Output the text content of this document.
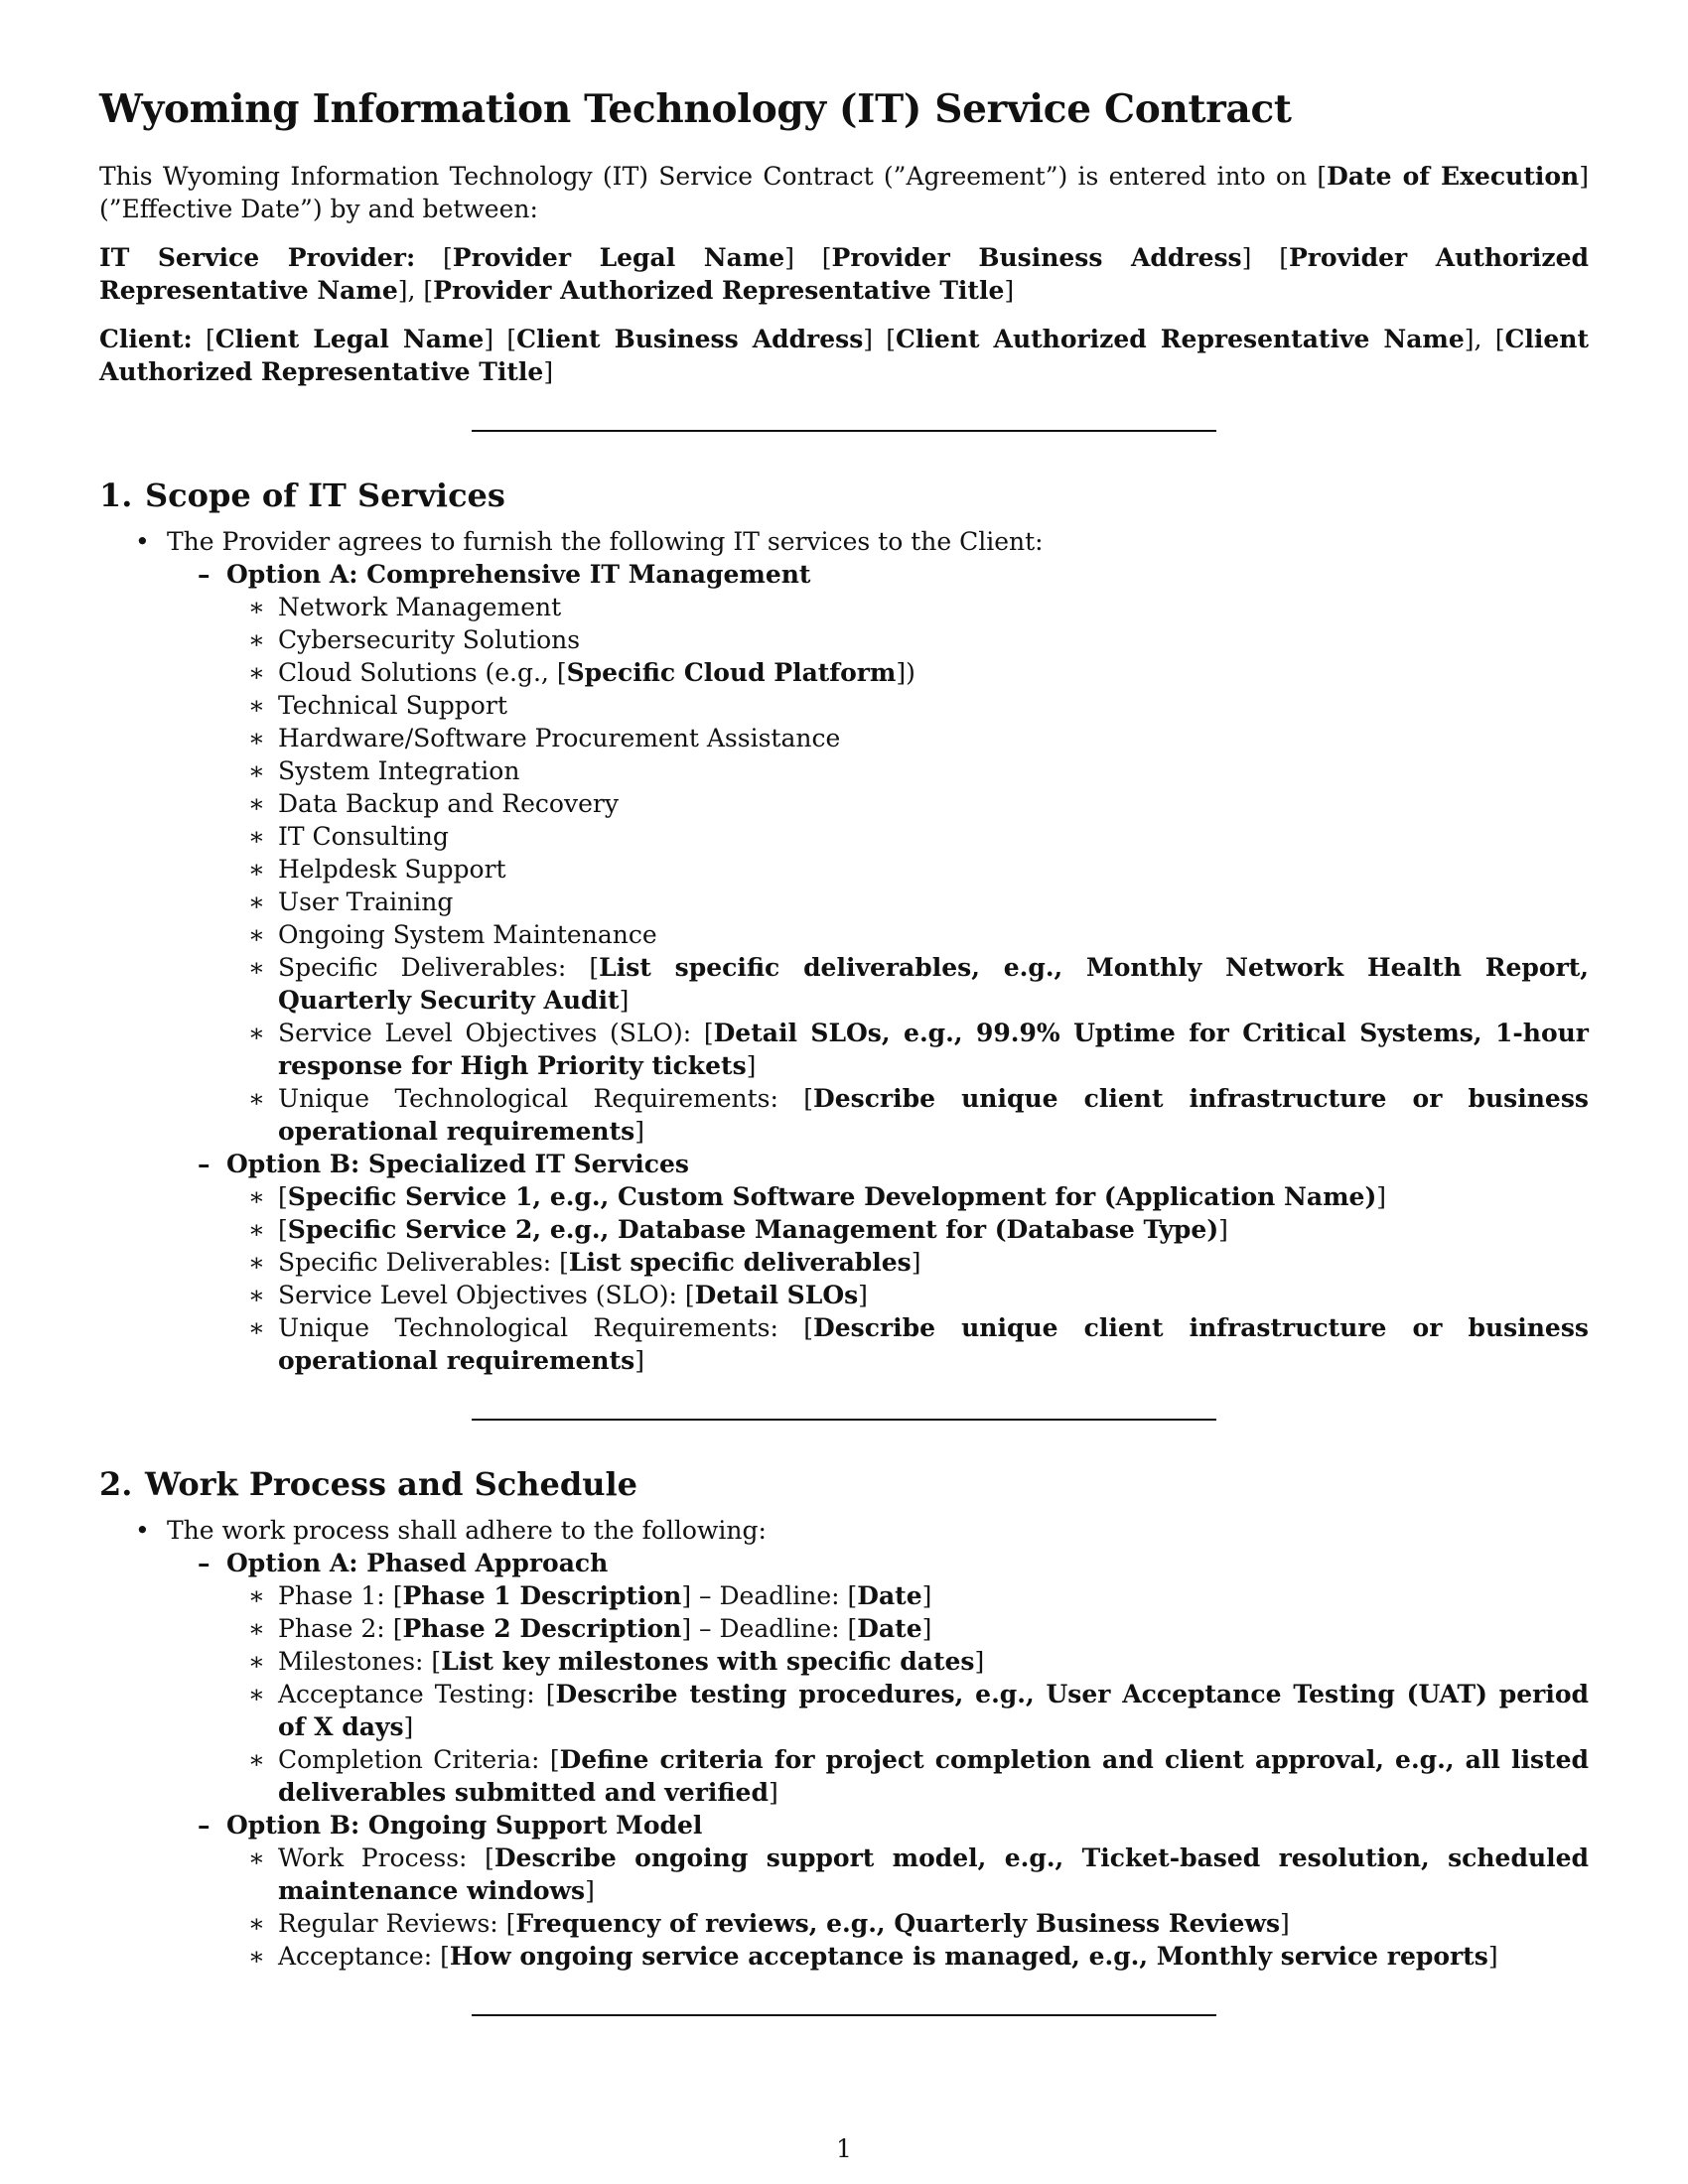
Wyoming Information Technology (IT) Service Contract

This Wyoming Information Technology (IT) Service Contract (”Agreement”) is entered into on [Date of Execution] (”Effective Date”) by and between:

IT Service Provider: [Provider Legal Name] [Provider Business Address] [Provider Authorized Representative Name], [Provider Authorized Representative Title]

Client: [Client Legal Name] [Client Business Address] [Client Authorized Representative Name], [Client Authorized Representative Title]

1. Scope of IT Services
• The Provider agrees to furnish the following IT services to the Client:
– Option A: Comprehensive IT Management
∗ Network Management
∗ Cybersecurity Solutions
∗ Cloud Solutions (e.g., [Specific Cloud Platform])
∗ Technical Support
∗ Hardware/Software Procurement Assistance
∗ System Integration
∗ Data Backup and Recovery
∗ IT Consulting
∗ Helpdesk Support
∗ User Training
∗ Ongoing System Maintenance
∗ Specific Deliverables: [List specific deliverables, e.g., Monthly Network Health Report, Quarterly Security Audit]
∗ Service Level Objectives (SLO): [Detail SLOs, e.g., 99.9% Uptime for Critical Systems, 1-hour response for High Priority tickets]
∗ Unique Technological Requirements: [Describe unique client infrastructure or business operational requirements]
– Option B: Specialized IT Services
∗ [Specific Service 1, e.g., Custom Software Development for (Application Name)]
∗ [Specific Service 2, e.g., Database Management for (Database Type)]
∗ Specific Deliverables: [List specific deliverables]
∗ Service Level Objectives (SLO): [Detail SLOs]
∗ Unique Technological Requirements: [Describe unique client infrastructure or business operational requirements]
2. Work Process and Schedule
• The work process shall adhere to the following:
– Option A: Phased Approach
∗ Phase 1: [Phase 1 Description] – Deadline: [Date]
∗ Phase 2: [Phase 2 Description] – Deadline: [Date]
∗ Milestones: [List key milestones with specific dates]
∗ Acceptance Testing: [Describe testing procedures, e.g., User Acceptance Testing (UAT) period of X days]
∗ Completion Criteria: [Define criteria for project completion and client approval, e.g., all listed deliverables submitted and verified]
– Option B: Ongoing Support Model
∗ Work Process: [Describe ongoing support model, e.g., Ticket-based resolution, scheduled maintenance windows]
∗ Regular Reviews: [Frequency of reviews, e.g., Quarterly Business Reviews]
∗ Acceptance: [How ongoing service acceptance is managed, e.g., Monthly service reports]
1
